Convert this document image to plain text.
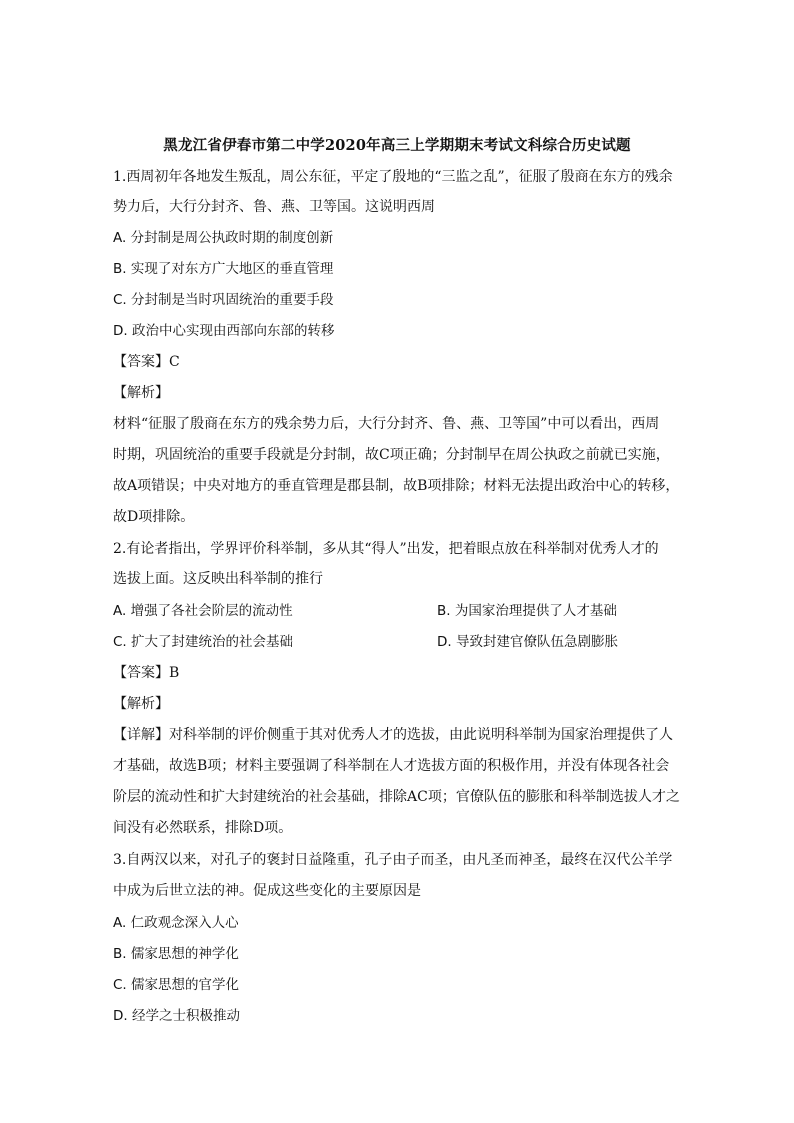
黑龙江省伊春市第二中学2020年高三上学期期末考试文科综合历史试题
1.西周初年各地发生叛乱，周公东征，平定了殷地的“三监之乱”，征服了殷商在东方的残余
势力后，大行分封齐、鲁、燕、卫等国。这说明西周
A. 分封制是周公执政时期的制度创新
B. 实现了对东方广大地区的垂直管理
C. 分封制是当时巩固统治的重要手段
D. 政治中心实现由西部向东部的转移
【答案】C
【解析】
材料“征服了殷商在东方的残余势力后，大行分封齐、鲁、燕、卫等国”中可以看出，西周
时期，巩固统治的重要手段就是分封制，故C项正确；分封制早在周公执政之前就已实施，
故A项错误；中央对地方的垂直管理是郡县制，故B项排除；材料无法提出政治中心的转移，
故D项排除。
2.有论者指出，学界评价科举制，多从其“得人”出发，把着眼点放在科举制对优秀人才的
选拔上面。这反映出科举制的推行
A. 增强了各社会阶层的流动性	B. 为国家治理提供了人才基础
C. 扩大了封建统治的社会基础	D. 导致封建官僚队伍急剧膨胀
【答案】B
【解析】
【详解】对科举制的评价侧重于其对优秀人才的选拔，由此说明科举制为国家治理提供了人
才基础，故选B项；材料主要强调了科举制在人才选拔方面的积极作用，并没有体现各社会
阶层的流动性和扩大封建统治的社会基础，排除AC项；官僚队伍的膨胀和科举制选拔人才之
间没有必然联系，排除D项。
3.自两汉以来，对孔子的褒封日益隆重，孔子由子而圣，由凡圣而神圣，最终在汉代公羊学
中成为后世立法的神。促成这些变化的主要原因是
A. 仁政观念深入人心
B. 儒家思想的神学化
C. 儒家思想的官学化
D. 经学之士积极推动
